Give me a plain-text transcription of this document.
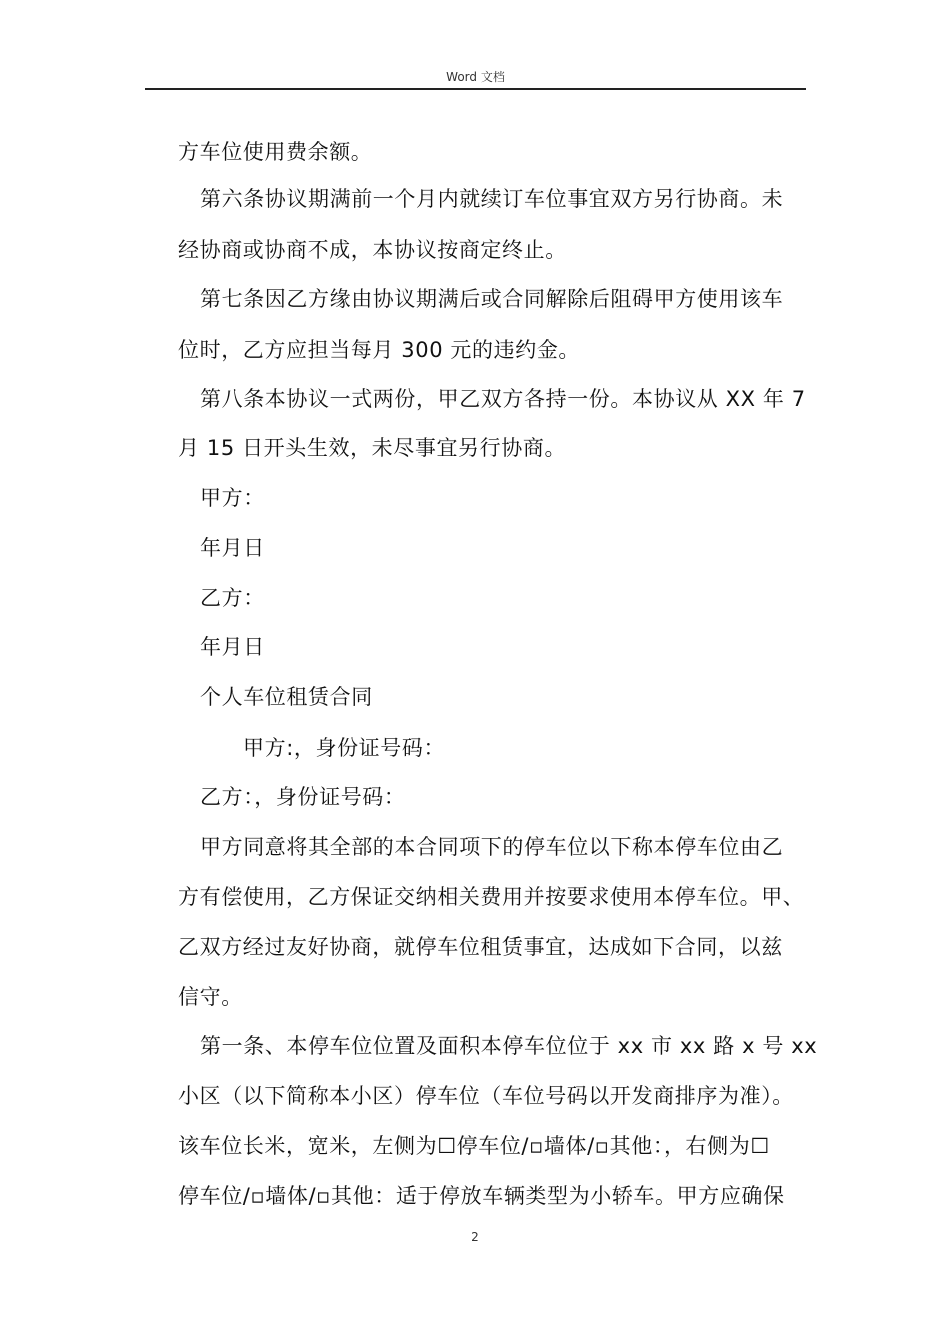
Word 文档
方车位使用费余额。
第六条协议期满前一个月内就续订车位事宜双方另行协商。未
经协商或协商不成，本协议按商定终止。
第七条因乙方缘由协议期满后或合同解除后阻碍甲方使用该车
位时，乙方应担当每月 300 元的违约金。
第八条本协议一式两份，甲乙双方各持一份。本协议从 XX 年 7
月 15 日开头生效，未尽事宜另行协商。
甲方：
年月日
乙方：
年月日
个人车位租赁合同
甲方:，身份证号码：
乙方：，身份证号码：
甲方同意将其全部的本合同项下的停车位以下称本停车位由乙
方有偿使用，乙方保证交纳相关费用并按要求使用本停车位。甲、
乙双方经过友好协商，就停车位租赁事宜，达成如下合同，以兹
信守。
第一条、本停车位位置及面积本停车位位于 xx 市 xx 路 x 号 xx
小区（以下简称本小区）停车位（车位号码以开发商排序为准）。
该车位长米，宽米，左侧为☐停车位/▫墙体/▫其他：，右侧为☐
停车位/▫墙体/▫其他：适于停放车辆类型为小轿车。甲方应确保
2
